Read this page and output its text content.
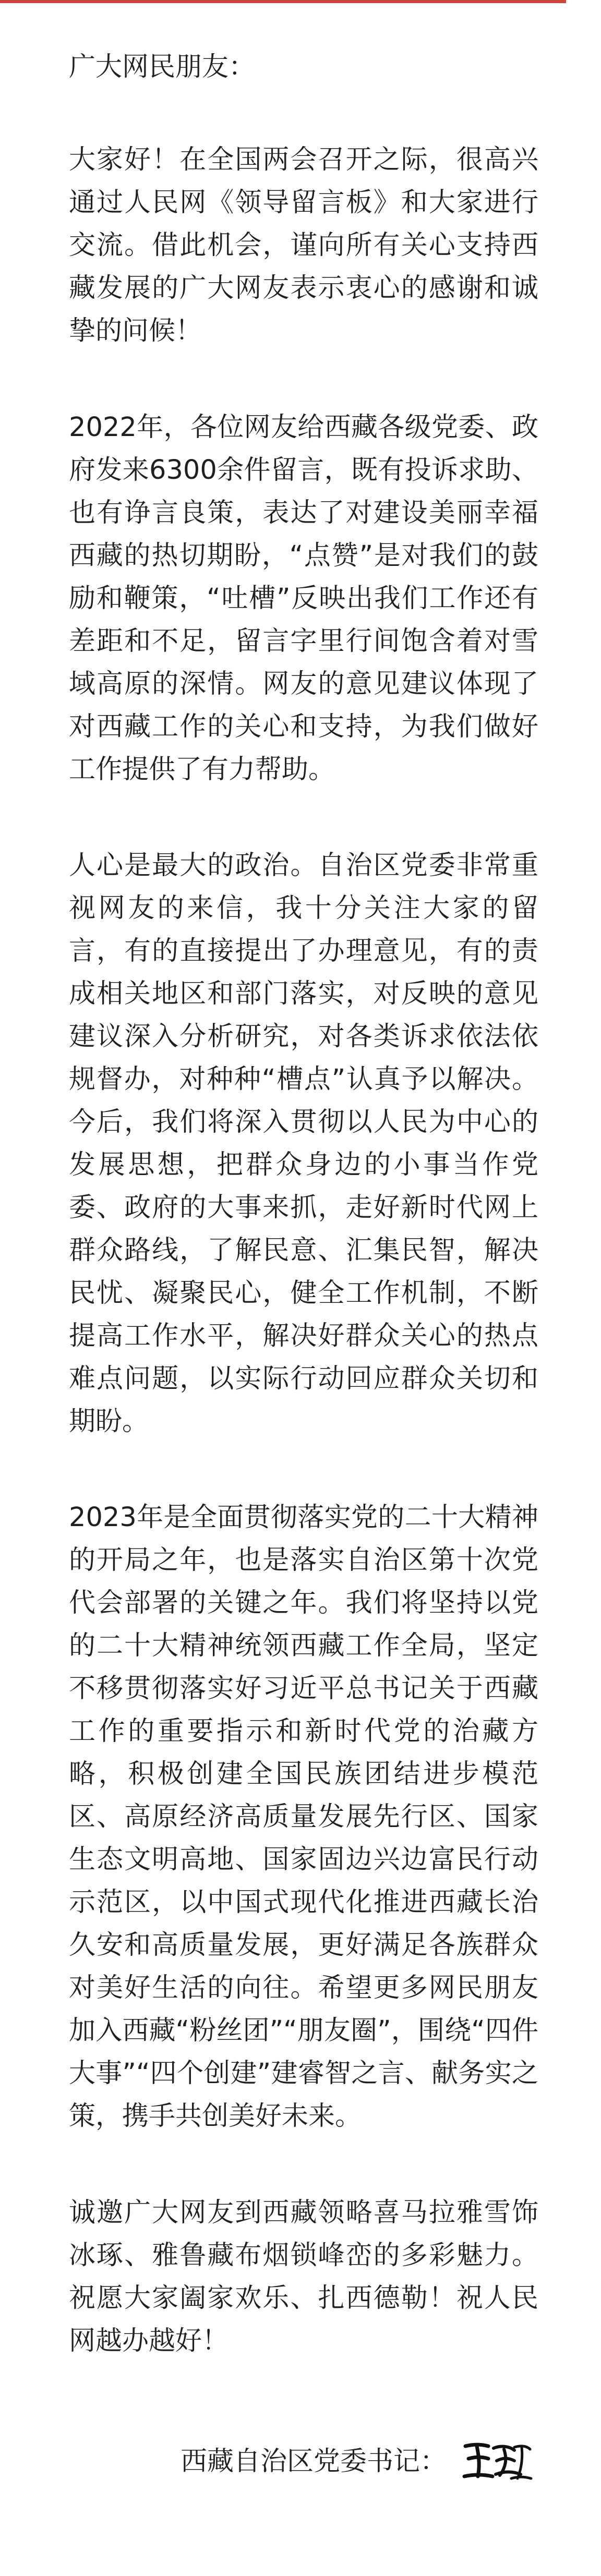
广大网民朋友：

大家好！在全国两会召开之际，很高兴通过人民网《领导留言板》和大家进行交流。借此机会，谨向所有关心支持西藏发展的广大网友表示衷心的感谢和诚挚的问候！

2022年，各位网友给西藏各级党委、政府发来6300余件留言，既有投诉求助、也有诤言良策，表达了对建设美丽幸福西藏的热切期盼，“点赞”是对我们的鼓励和鞭策，“吐槽”反映出我们工作还有差距和不足，留言字里行间饱含着对雪域高原的深情。网友的意见建议体现了对西藏工作的关心和支持，为我们做好工作提供了有力帮助。

人心是最大的政治。自治区党委非常重视网友的来信，我十分关注大家的留言，有的直接提出了办理意见，有的责成相关地区和部门落实，对反映的意见建议深入分析研究，对各类诉求依法依规督办，对种种“槽点”认真予以解决。今后，我们将深入贯彻以人民为中心的发展思想，把群众身边的小事当作党委、政府的大事来抓，走好新时代网上群众路线，了解民意、汇集民智，解决民忧、凝聚民心，健全工作机制，不断提高工作水平，解决好群众关心的热点难点问题，以实际行动回应群众关切和期盼。

2023年是全面贯彻落实党的二十大精神的开局之年，也是落实自治区第十次党代会部署的关键之年。我们将坚持以党的二十大精神统领西藏工作全局，坚定不移贯彻落实好习近平总书记关于西藏工作的重要指示和新时代党的治藏方略，积极创建全国民族团结进步模范区、高原经济高质量发展先行区、国家生态文明高地、国家固边兴边富民行动示范区，以中国式现代化推进西藏长治久安和高质量发展，更好满足各族群众对美好生活的向往。希望更多网民朋友加入西藏“粉丝团”“朋友圈”，围绕“四件大事”“四个创建”建睿智之言、献务实之策，携手共创美好未来。

诚邀广大网友到西藏领略喜马拉雅雪饰冰琢、雅鲁藏布烟锁峰峦的多彩魅力。祝愿大家阖家欢乐、扎西德勒！祝人民网越办越好！

西藏自治区党委书记：
